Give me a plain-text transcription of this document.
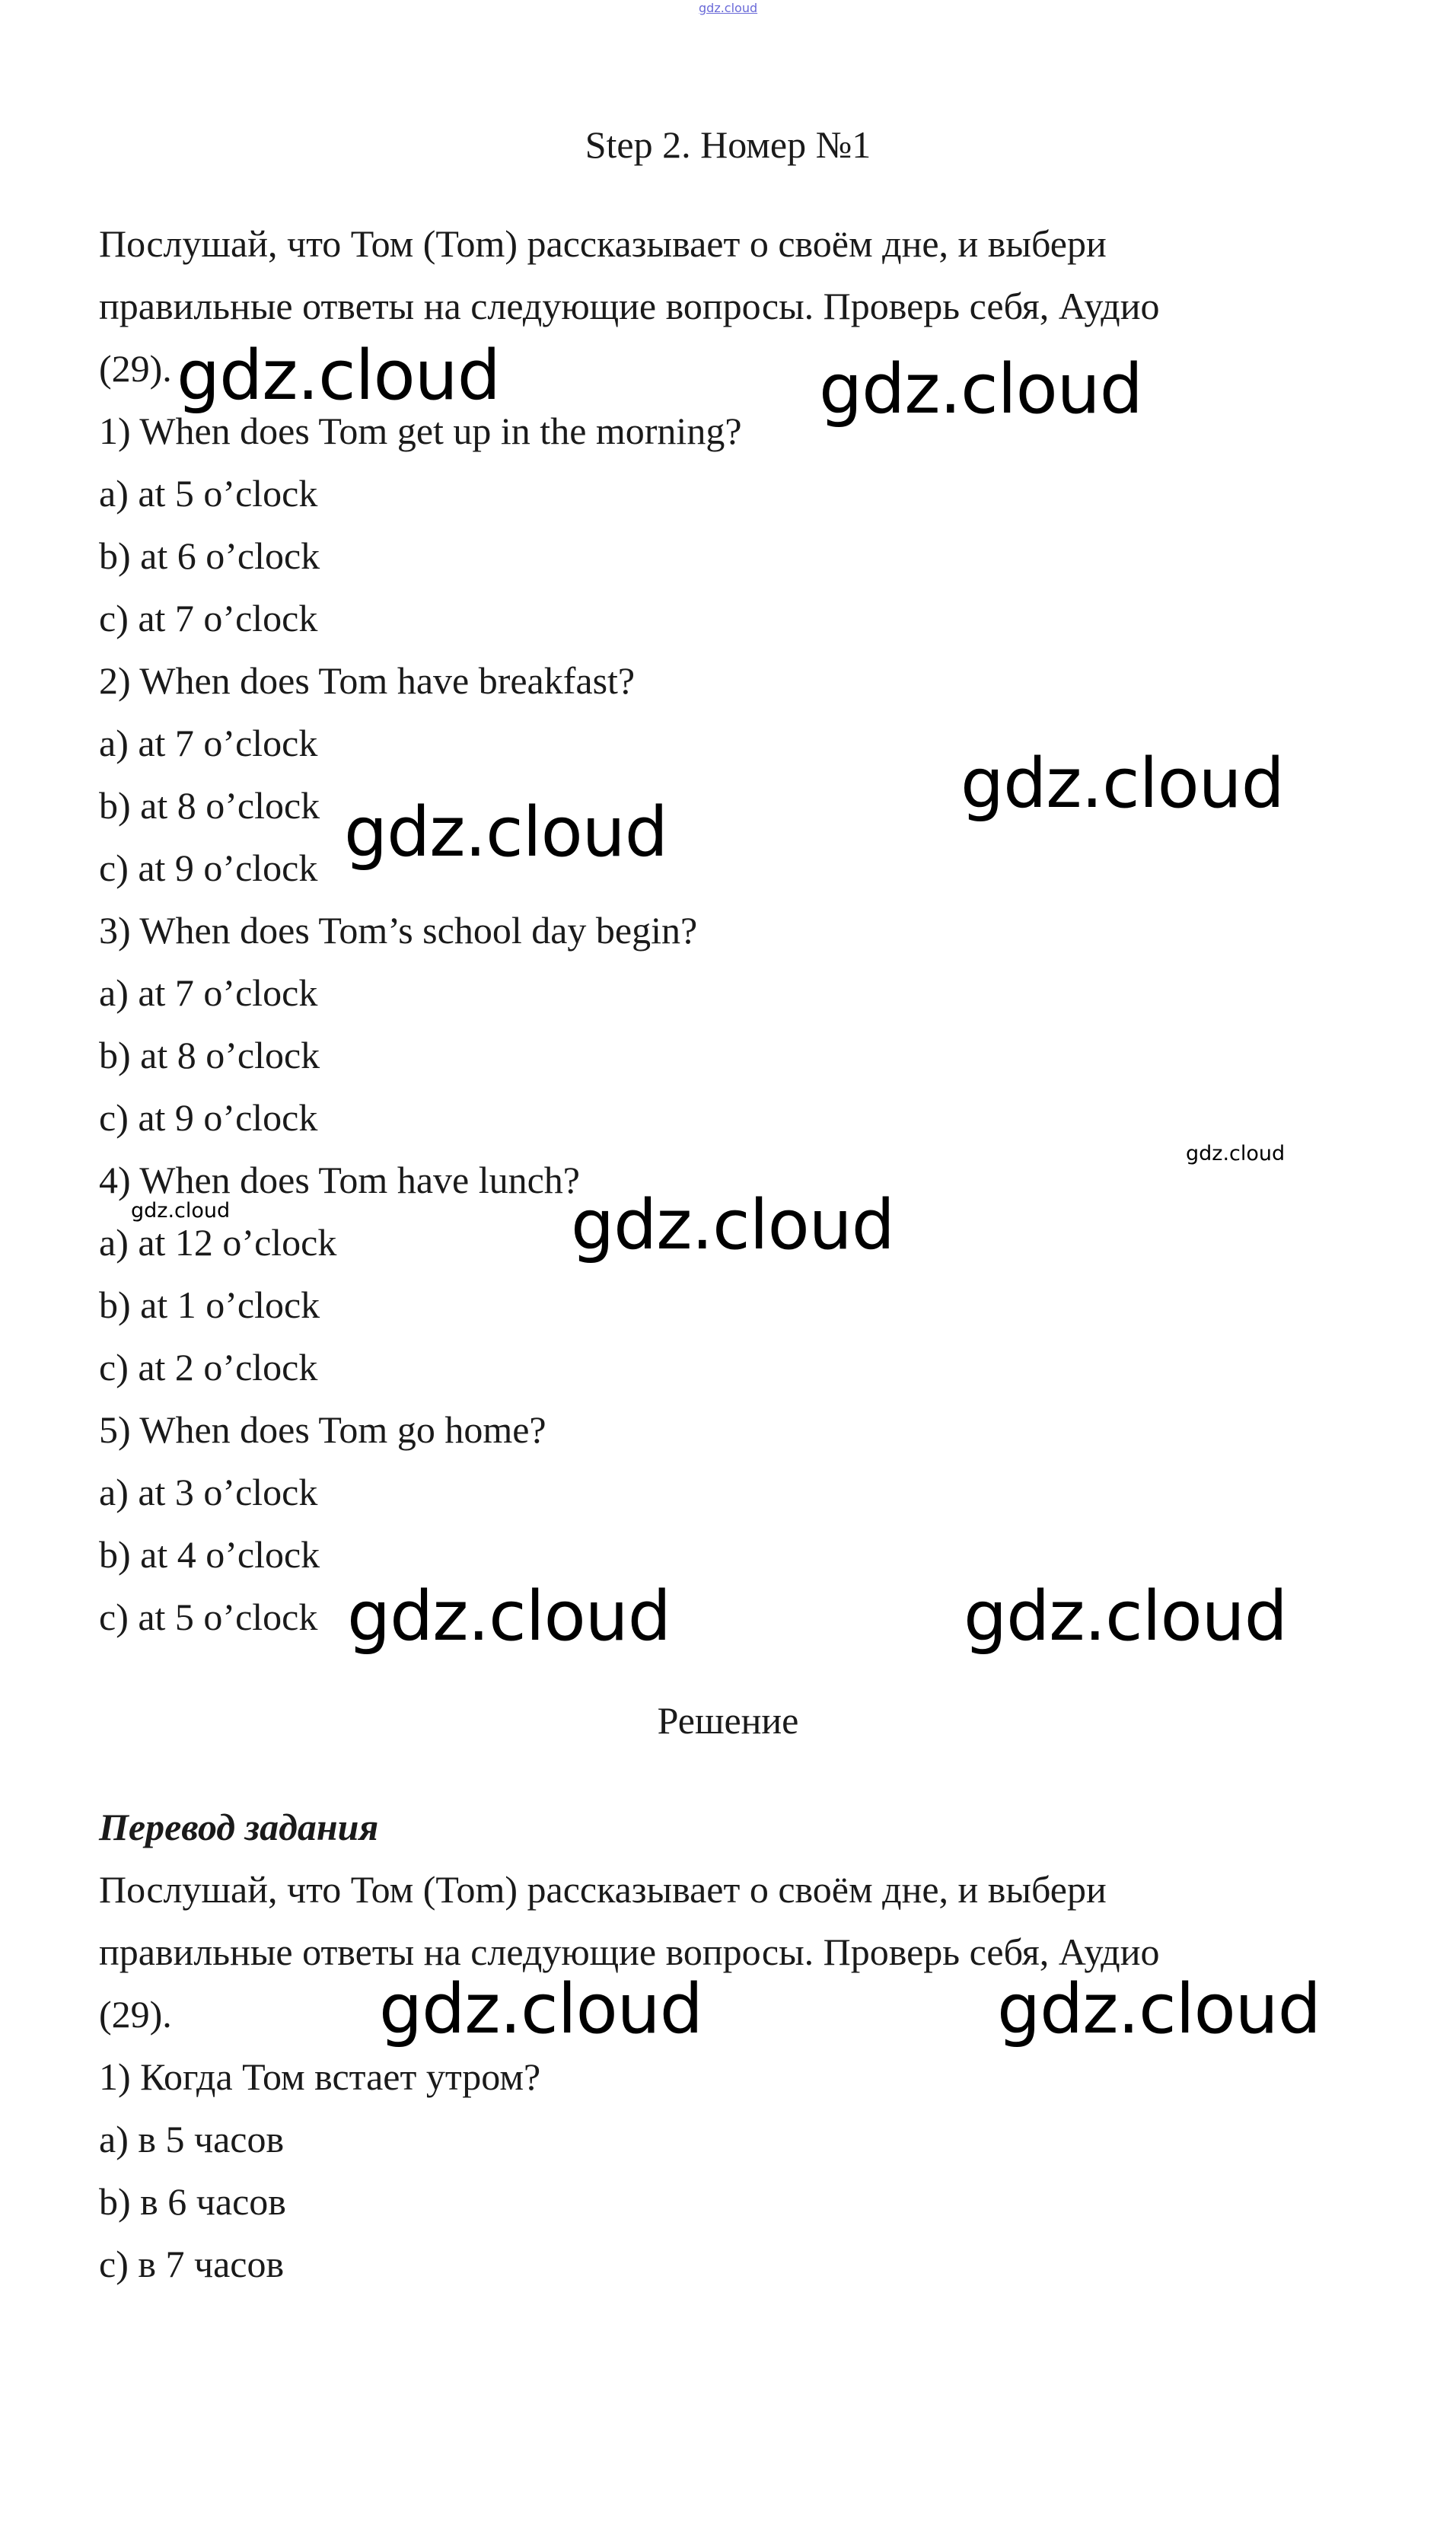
gdz.cloud
Step 2. Номер №1
Послушай, что Том (Tom) рассказывает о своём дне, и выбери
правильные ответы на следующие вопросы. Проверь себя, Аудио
(29).
1) When does Tom get up in the morning?
a) at 5 o’clock
b) at 6 o’clock
c) at 7 o’clock
2) When does Tom have breakfast?
a) at 7 o’clock
b) at 8 o’clock
c) at 9 o’clock
3) When does Tom’s school day begin?
a) at 7 o’clock
b) at 8 o’clock
c) at 9 o’clock
4) When does Tom have lunch?
a) at 12 o’clock
b) at 1 o’clock
c) at 2 o’clock
5) When does Tom go home?
a) at 3 o’clock
b) at 4 o’clock
c) at 5 o’clock
Решение
Перевод задания
Послушай, что Том (Tom) рассказывает о своём дне, и выбери
правильные ответы на следующие вопросы. Проверь себя, Аудио
(29).
1) Когда Том встает утром?
a) в 5 часов
b) в 6 часов
c) в 7 часов
gdz.cloud	gdz.cloud
gdz.cloud
gdz.cloud
gdz.cloud
gdz.cloud	gdz.cloud
gdz.cloud	gdz.cloud
gdz.cloud
gdz.cloud
